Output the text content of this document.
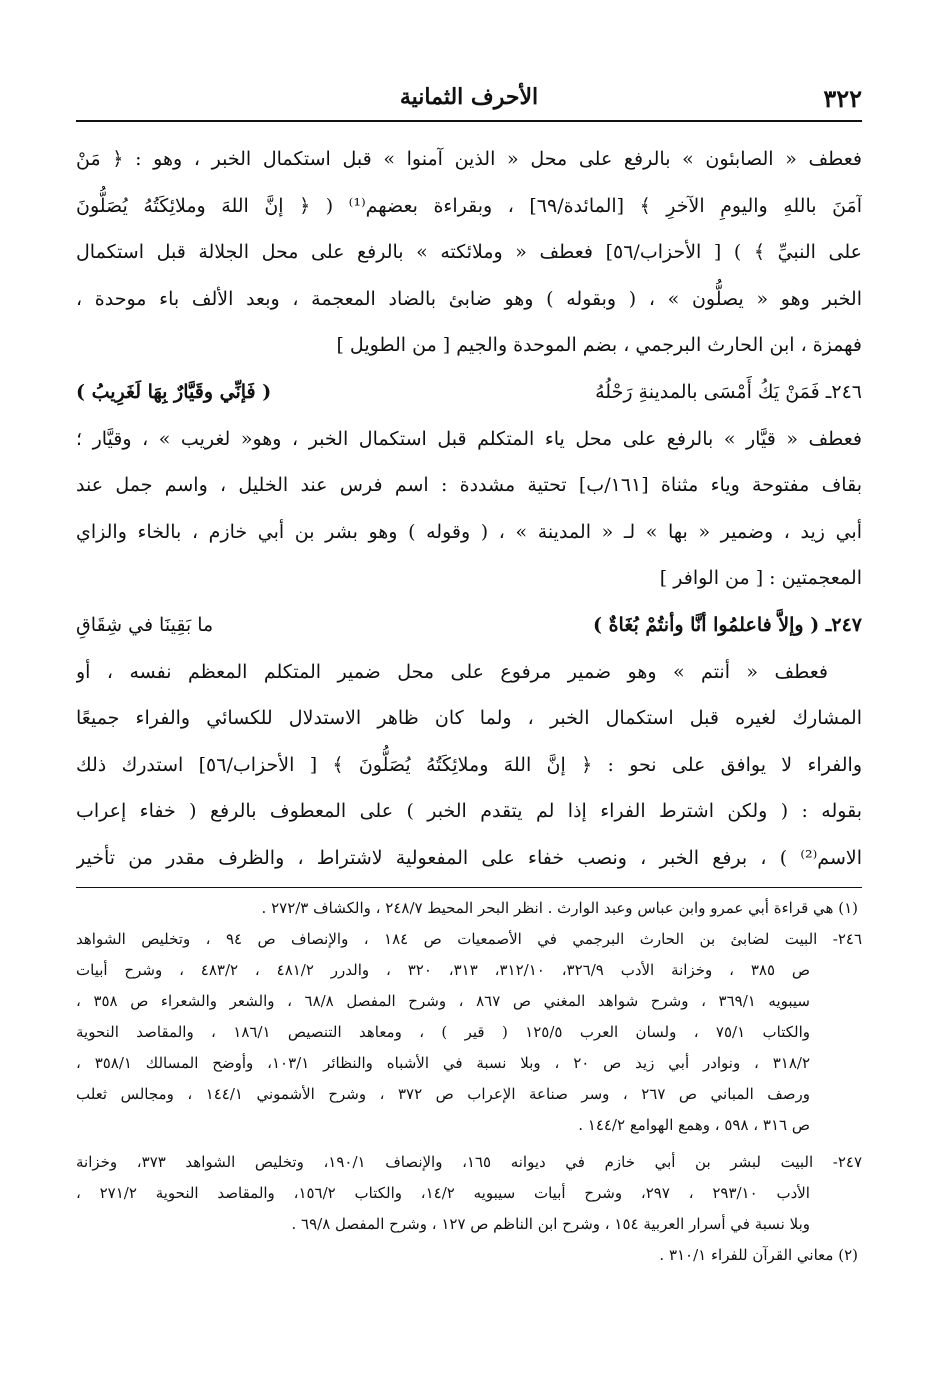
٣٢٢
الأحرف الثمانية
فعطف « الصابئون » بالرفع على محل « الذين آمنوا » قبل استكمال الخبر ، وهو : ﴿ مَنْ
آمَنَ باللهِ واليومِ الآخرِ ﴾ [المائدة/٦٩] ، وبقراءة بعضهم⁽¹⁾ ( ﴿ إنَّ اللهَ وملائِكَتُهُ يُصَلُّونَ
على النبيِّ ﴾ ) [ الأحزاب/٥٦] فعطف « وملائكته » بالرفع على محل الجلالة قبل استكمال
الخبر وهو « يصلُّون » ، ( وبقوله ) وهو ضابئ بالضاد المعجمة ، وبعد الألف باء موحدة ،
فهمزة ، ابن الحارث البرجمي ، بضم الموحدة والجيم [ من الطويل ]
٢٤٦ـ فَمَنْ يَكُ أَمْسَى بالمدينةِ رَحْلُهُ
( فَإنِّي وقَيَّارٌ بِهَا لَغَرِيبُ )
فعطف « قيَّار » بالرفع على محل ياء المتكلم قبل استكمال الخبر ، وهو« لغريب » ، وقيَّار ؛
بقاف مفتوحة وياء مثناة [١٦١/ب] تحتية مشددة : اسم فرس عند الخليل ، واسم جمل عند
أبي زيد ، وضمير « بها » لـ « المدينة » ، ( وقوله ) وهو بشر بن أبي خازم ، بالخاء والزاي
المعجمتين : [ من الوافر ]
٢٤٧ـ ( وإلاَّ فاعلمُوا أنَّا وأنتُمْ بُغَاةٌ )
ما بَقِينَا في شِقَاقِ
فعطف « أنتم » وهو ضمير مرفوع على محل ضمير المتكلم المعظم نفسه ، أو
المشارك لغيره قبل استكمال الخبر ، ولما كان ظاهر الاستدلال للكسائي والفراء جميعًا
والفراء لا يوافق على نحو : ﴿ إنَّ اللهَ وملائِكَتُهُ يُصَلُّونَ ﴾ [ الأحزاب/٥٦] استدرك ذلك
بقوله : ( ولكن اشترط الفراء إذا لم يتقدم الخبر ) على المعطوف بالرفع ( خفاء إعراب
الاسم⁽²⁾ ) ، برفع الخبر ، ونصب خفاء على المفعولية لاشتراط ، والظرف مقدر من تأخير
(١) هي قراءة أبي عمرو وابن عباس وعبد الوارث . انظر البحر المحيط ٢٤٨/٧ ، والكشاف ٢٧٢/٣ .
٢٤٦- البيت لضابئ بن الحارث البرجمي في الأصمعيات ص ١٨٤ ، والإنصاف ص ٩٤ ، وتخليص الشواهد
ص ٣٨٥ ، وخزانة الأدب ٣٢٦/٩، ٣١٢/١٠، ٣١٣، ٣٢٠ ، والدرر ٤٨١/٢ ، ٤٨٣/٢ ، وشرح أبيات
سيبويه ٣٦٩/١ ، وشرح شواهد المغني ص ٨٦٧ ، وشرح المفصل ٦٨/٨ ، والشعر والشعراء ص ٣٥٨ ،
والكتاب ٧٥/١ ، ولسان العرب ١٢٥/٥ ( قير ) ، ومعاهد التنصيص ١٨٦/١ ، والمقاصد النحوية
٣١٨/٢ ، ونوادر أبي زيد ص ٢٠ ، وبلا نسبة في الأشباه والنظائر ١٠٣/١، وأوضح المسالك ٣٥٨/١ ،
ورصف المباني ص ٢٦٧ ، وسر صناعة الإعراب ص ٣٧٢ ، وشرح الأشموني ١٤٤/١ ، ومجالس ثعلب
ص ٣١٦ ، ٥٩٨ ، وهمع الهوامع ١٤٤/٢ .
٢٤٧- البيت لبشر بن أبي خازم في ديوانه ١٦٥، والإنصاف ١٩٠/١، وتخليص الشواهد ٣٧٣، وخزانة
الأدب ٢٩٣/١٠ ، ٢٩٧، وشرح أبيات سيبويه ١٤/٢، والكتاب ١٥٦/٢، والمقاصد النحوية ٢٧١/٢ ،
وبلا نسبة في أسرار العربية ١٥٤ ، وشرح ابن الناظم ص ١٢٧ ، وشرح المفصل ٦٩/٨ .
(٢) معاني القرآن للفراء ٣١٠/١ .
